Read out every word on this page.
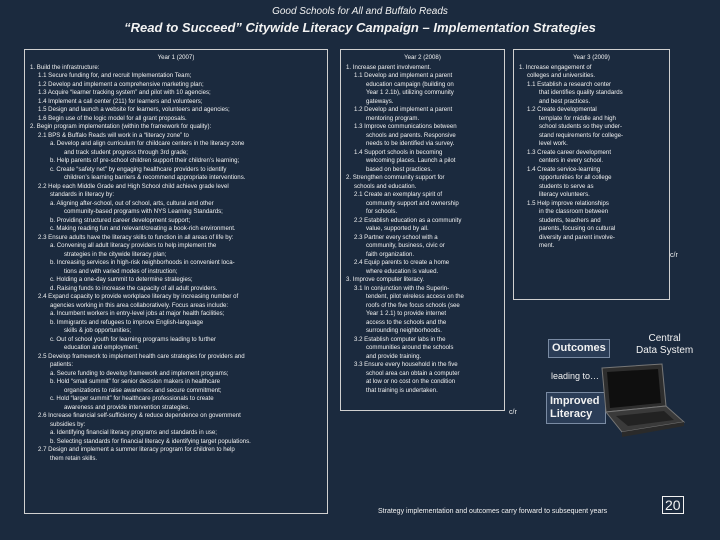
Good Schools for All and Buffalo Reads
“Read to Succeed” Citywide Literacy Campaign – Implementation Strategies
Year 1 (2007)
1. Build the infrastructure:
1.1 Secure funding for, and recruit Implementation Team;
1.2 Develop and implement a comprehensive marketing plan;
1.3 Acquire “learner tracking system” and pilot with 10 agencies;
1.4 Implement a call center (211) for learners and volunteers;
1.5 Design and launch a website for learners, volunteers and agencies;
1.6 Begin use of the logic model for all grant proposals.
2. Begin program implementation (within the framework for quality):
2.1 BPS & Buffalo Reads will work in a “literacy zone” to
a. Develop and align curriculum for childcare centers in the literacy zone
and track student progress through 3rd grade;
b. Help parents of pre-school children support their children’s learning;
c. Create “safety net” by engaging healthcare providers to identify
children’s learning barriers & recommend appropriate interventions.
2.2 Help each Middle Grade and High School child achieve grade level
standards in literacy by:
a. Aligning after-school, out of school, arts, cultural and other
community-based programs with NYS Learning Standards;
b. Providing structured career development support;
c. Making reading fun and relevant/creating a book-rich environment.
2.3 Ensure adults have the literacy skills to function in all areas of life by:
a. Convening all adult literacy providers to help implement the
strategies in the citywide literacy plan;
b. Increasing services in high-risk neighborhoods in convenient loca-
tions and with varied modes of instruction;
c. Holding a one-day summit to determine strategies;
d. Raising funds to increase the capacity of all adult providers.
2.4 Expand capacity to provide workplace literacy by increasing number of
agencies working in this area collaboratively. Focus areas include:
a. Incumbent workers in entry-level jobs at major health facilities;
b. Immigrants and refugees to improve English-language
skills & job opportunities;
c. Out of school youth for learning programs leading to further
education and employment.
2.5 Develop framework to implement health care strategies for providers and
patients:
a. Secure funding to develop framework and implement programs;
b. Hold “small summit” for senior decision makers in healthcare
organizations to raise awareness and secure commitment;
c. Hold “larger summit” for healthcare professionals to create
awareness and provide intervention strategies.
2.6 Increase financial self-sufficiency & reduce dependence on government
subsidies by:
a. Identifying financial literacy programs and standards in use;
b. Selecting standards for financial literacy & identifying target populations.
2.7 Design and implement a summer literacy program for children to help
them retain skills.
Year 2 (2008)
1. Increase parent involvement.
1.1 Develop and implement a parent
education campaign (building on
Year 1 2.1b), utilizing community
gateways.
1.2 Develop and implement a parent
mentoring program.
1.3 Improve communications between
schools and parents. Responsive
needs to be identified via survey.
1.4 Support schools in becoming
welcoming places. Launch a pilot
based on best practices.
2. Strengthen community support for
schools and education.
2.1 Create an exemplary spirit of
community support and ownership
for schools.
2.2 Establish education as a community
value, supported by all.
2.3 Partner every school with a
community, business, civic or
faith organization.
2.4 Equip parents to create a home
where education is valued.
3. Improve computer literacy.
3.1 In conjunction with the Superin-
tendent, pilot wireless access on the
roofs of the five focus schools (see
Year 1 2.1) to provide internet
access to the schools and the
surrounding neighborhoods.
3.2 Establish computer labs in the
communities around the schools
and provide training.
3.3 Ensure every household in the five
school area can obtain a computer
at low or no cost on the condition
that training is undertaken.
Year 3 (2009)
1. Increase engagement of
colleges and universities.
1.1 Establish a research center
that identifies quality standards
and best practices.
1.2 Create developmental
template for middle and high
school students so they under-
stand requirements for college-
level work.
1.3 Create career development
centers in every school.
1.4 Create service-learning
opportunities for all college
students to serve as
literacy volunteers.
1.5 Help improve relationships
in the classroom between
students, teachers and
parents, focusing on cultural
diversity and parent involve-
ment.
c/r
Outcomes
leading to…
Improved
Literacy
Central
Data System
c/r
20
Strategy implementation and outcomes carry forward to subsequent years
